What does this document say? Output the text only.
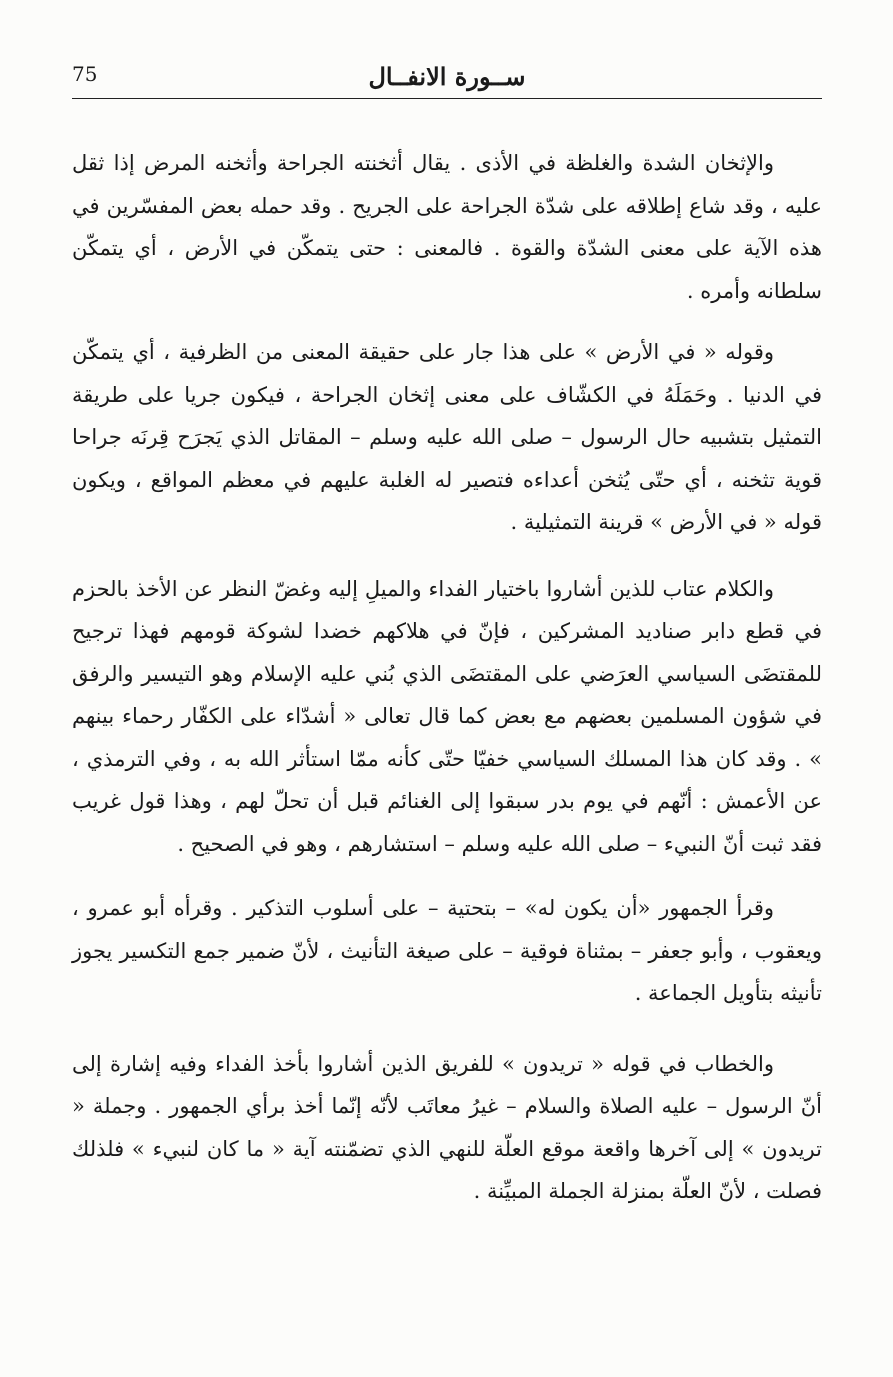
75	ســورة الانفــال

والإثخان الشدة والغلظة في الأذى . يقال أثخنته الجراحة وأثخنه المرض إذا ثقل عليه ، وقد شاع إطلاقه على شدّة الجراحة على الجريح . وقد حمله بعض المفسّرين في هذه الآية على معنى الشدّة والقوة . فالمعنى : حتى يتمكّن في الأرض ، أي يتمكّن سلطانه وأمره .

وقوله « في الأرض » على هذا جار على حقيقة المعنى من الظرفية ، أي يتمكّن في الدنيا . وحَمَلَهُ في الكشّاف على معنى إثخان الجراحة ، فيكون جريا على طريقة التمثيل بتشبيه حال الرسول – صلى الله عليه وسلم – المقاتل الذي يَجرَح قِرنَه جراحا قوية تثخنه ، أي حتّى يُثخن أعداءه فتصير له الغلبة عليهم في معظم المواقع ، ويكون قوله « في الأرض » قرينة التمثيلية .

والكلام عتاب للذين أشاروا باختيار الفداء والميلِ إليه وغضّ النظر عن الأخذ بالحزم في قطع دابر صناديد المشركين ، فإنّ في هلاكهم خضدا لشوكة قومهم فهذا ترجيح للمقتضَى السياسي العرَضي على المقتضَى الذي بُني عليه الإسلام وهو التيسير والرفق في شؤون المسلمين بعضهم مع بعض كما قال تعالى « أشدّاء على الكفّار رحماء بينهم » . وقد كان هذا المسلك السياسي خفيّا حتّى كأنه ممّا استأثر الله به ، وفي الترمذي ، عن الأعمش : أنّهم في يوم بدر سبقوا إلى الغنائم قبل أن تحلّ لهم ، وهذا قول غريب فقد ثبت أنّ النبيء – صلى الله عليه وسلم – استشارهم ، وهو في الصحيح .

وقرأ الجمهور «أن يكون له» – بتحتية – على أسلوب التذكير . وقرأه أبو عمرو ، ويعقوب ، وأبو جعفر – بمثناة فوقية – على صيغة التأنيث ، لأنّ ضمير جمع التكسير يجوز تأنيثه بتأويل الجماعة .

والخطاب في قوله « تريدون » للفريق الذين أشاروا بأخذ الفداء وفيه إشارة إلى أنّ الرسول – عليه الصلاة والسلام – غيرُ معاتَب لأنّه إنّما أخذ برأي الجمهور . وجملة « تريدون » إلى آخرها واقعة موقع العلّة للنهي الذي تضمّنته آية « ما كان لنبيء » فلذلك فصلت ، لأنّ العلّة بمنزلة الجملة المبيِّنة .
